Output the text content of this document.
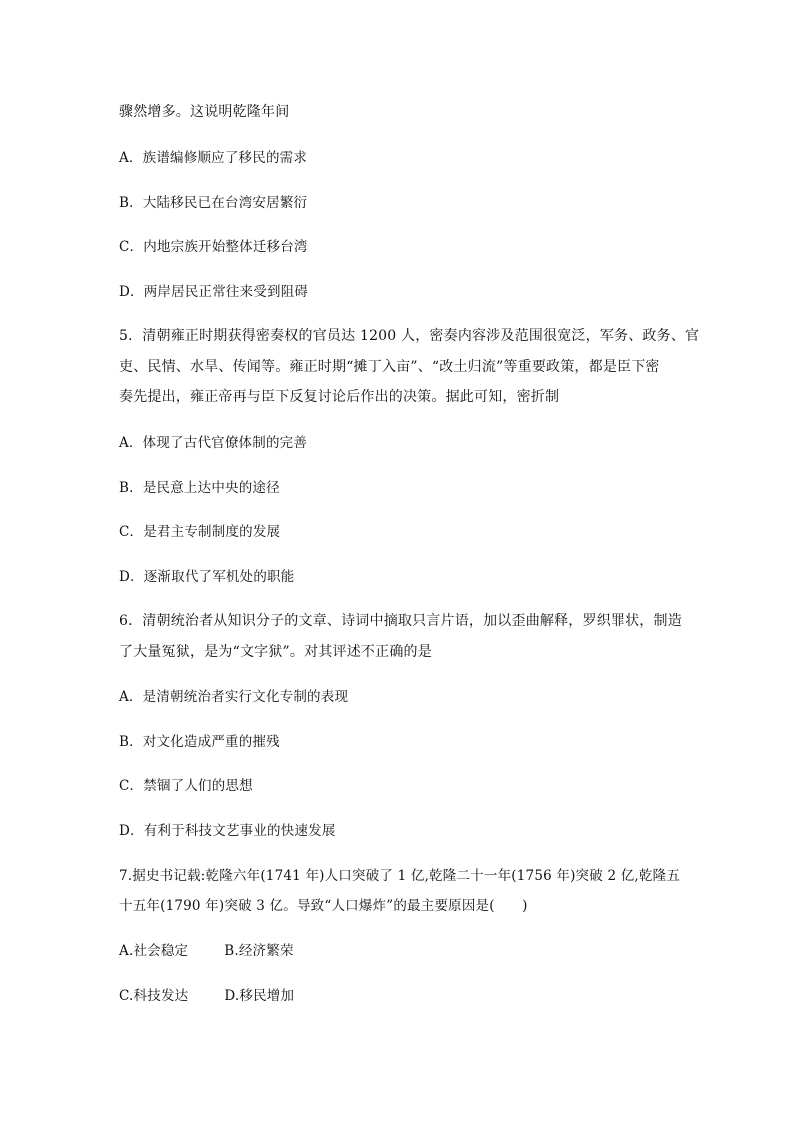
骤然增多。这说明乾隆年间
A．族谱编修顺应了移民的需求
B．大陆移民已在台湾安居繁衍
C．内地宗族开始整体迁移台湾
D．两岸居民正常往来受到阻碍
5．清朝雍正时期获得密奏权的官员达 1200 人，密奏内容涉及范围很宽泛，军务、政务、官
吏、民情、水旱、传闻等。雍正时期“摊丁入亩”、“改土归流”等重要政策，都是臣下密
奏先提出，雍正帝再与臣下反复讨论后作出的决策。据此可知，密折制
A．体现了古代官僚体制的完善
B．是民意上达中央的途径
C．是君主专制制度的发展
D．逐渐取代了军机处的职能
6．清朝统治者从知识分子的文章、诗词中摘取只言片语，加以歪曲解释，罗织罪状，制造
了大量冤狱，是为“文字狱”。对其评述不正确的是
A．是清朝统治者实行文化专制的表现
B．对文化造成严重的摧残
C．禁锢了人们的思想
D．有利于科技文艺事业的快速发展
7.据史书记载:乾隆六年(1741 年)人口突破了 1 亿,乾隆二十一年(1756 年)突破 2 亿,乾隆五
十五年(1790 年)突破 3 亿。导致“人口爆炸”的最主要原因是(　　)
A.社会稳定	B.经济繁荣
C.科技发达	D.移民增加
